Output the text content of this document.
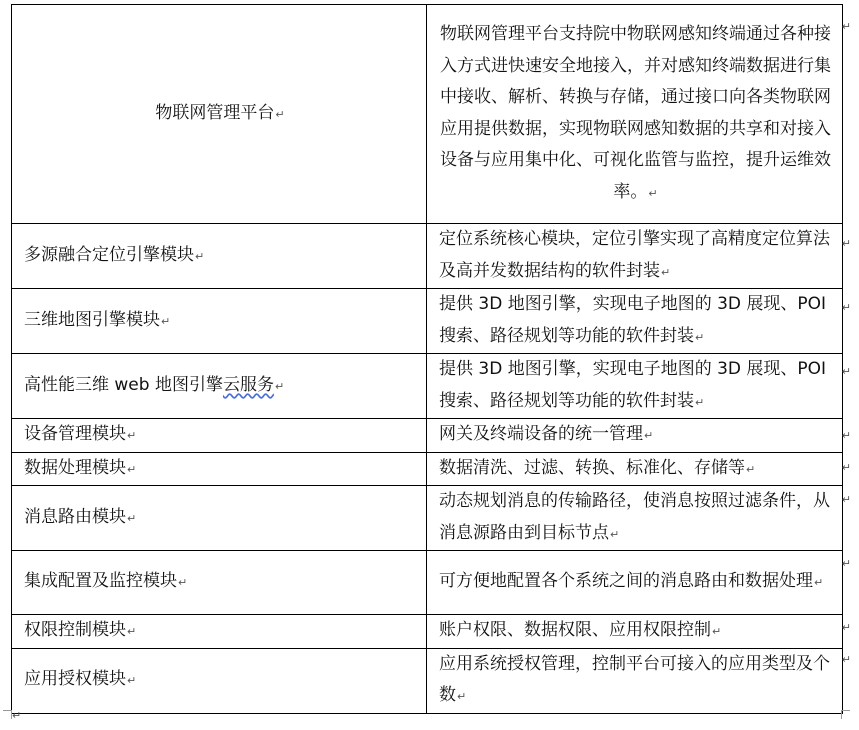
物联网管理平台↵	物联网管理平台支持院中物联网感知终端通过各种接入方式进快速安全地接入，并对感知终端数据进行集中接收、解析、转换与存储，通过接口向各类物联网应用提供数据，实现物联网感知数据的共享和对接入设备与应用集中化、可视化监管与监控，提升运维效率。↵
多源融合定位引擎模块↵	定位系统核心模块，定位引擎实现了高精度定位算法及高并发数据结构的软件封装↵
三维地图引擎模块↵	提供 3D 地图引擎，实现电子地图的 3D 展现、POI 搜索、路径规划等功能的软件封装↵
高性能三维 web 地图引擎云服务↵	提供 3D 地图引擎，实现电子地图的 3D 展现、POI 搜索、路径规划等功能的软件封装↵
设备管理模块↵	网关及终端设备的统一管理↵
数据处理模块↵	数据清洗、过滤、转换、标准化、存储等↵
消息路由模块↵	动态规划消息的传输路径，使消息按照过滤条件，从消息源路由到目标节点↵
集成配置及监控模块↵	可方便地配置各个系统之间的消息路由和数据处理↵
权限控制模块↵	账户权限、数据权限、应用权限控制↵
应用授权模块↵	应用系统授权管理，控制平台可接入的应用类型及个数↵
↵
↵
↵
↵
↵
↵
↵
↵
↵
↵
↵
